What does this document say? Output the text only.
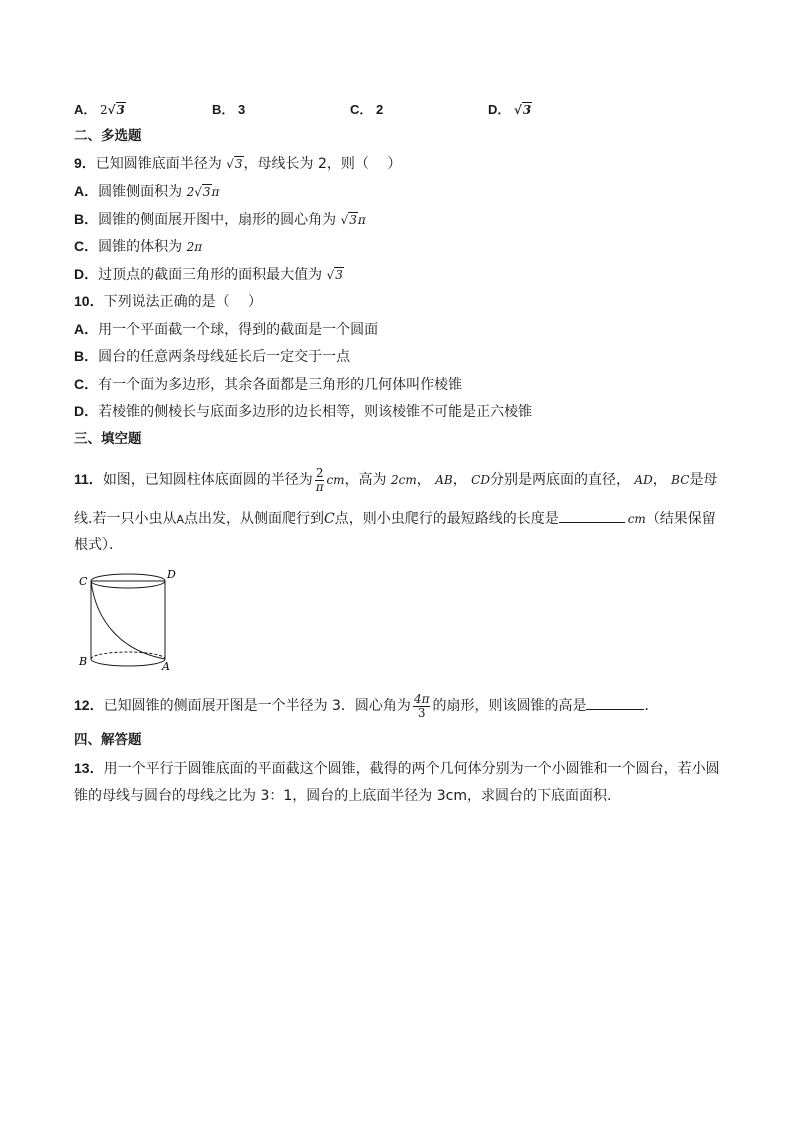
A． 2√3	B． 3	C． 2	D． √3
二、多选题
9．已知圆锥底面半径为 √3，母线长为 2，则（　 ）
A．圆锥侧面积为 2√3π
B．圆锥的侧面展开图中，扇形的圆心角为 √3π
C．圆锥的体积为 2π
D．过顶点的截面三角形的面积最大值为 √3
10．下列说法正确的是（　 ）
A．用一个平面截一个球，得到的截面是一个圆面
B．圆台的任意两条母线延长后一定交于一点
C．有一个面为多边形，其余各面都是三角形的几何体叫作棱锥
D．若棱锥的侧棱长与底面多边形的边长相等，则该棱锥不可能是正六棱锥
三、填空题
11．如图，已知圆柱体底面圆的半径为 $\frac{2}{\pi}$ cm，高为 2cm， AB， CD分别是两底面的直径， AD， BC是母
线.若一只小虫从A点出发，从侧面爬行到C点，则小虫爬行的最短路线的长度是	cm（结果保留
根式）．
C
D
B	A
12．已知圆锥的侧面展开图是一个半径为 3．圆心角为 $\frac{4\pi}{3}$ 的扇形，则该圆锥的高是	．
四、解答题
13．用一个平行于圆锥底面的平面截这个圆锥，截得的两个几何体分别为一个小圆锥和一个圆台，若小圆
锥的母线与圆台的母线之比为 3：1，圆台的上底面半径为 3cm，求圆台的下底面面积.
